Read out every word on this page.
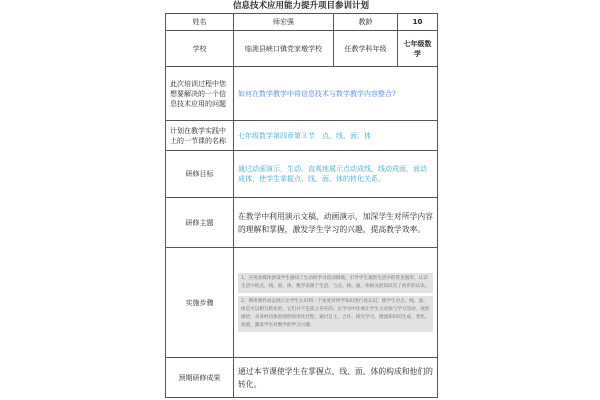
信息技术应用能力提升项目参训计划
姓名	师宏强	教龄	10
学校	临洮县峡口镇党家墩学校	任教学科年级	七年级数学
此次培训过程中您想要解决的一个信息技术应用的问题	如何在数学教学中将信息技术与数学教学内容整合?		
计划在教学实践中上的一节课的名称	七年级数学第四章第３节　点、线、面、体		
研修目标	通过动画演示，生动、直观地展示点动成线，线动成面，面动成体，使学生掌握点、线、面、体的转化关系。		
研修主题	在教学中利用演示文稿、动画演示，加深学生对所学内容的理解和掌握，激发学生学习的兴趣，提高教学效率。		
实施步骤	1、应用多媒体创设学生感知了生动的学习活动情境，引导学生观察生活中的常见图形，认识生活中的点、线、面、体，数学来源于生活，与点、线、面、体相关的知识有了初步的认识。
2、利用课件动态展示让学生认识到一个角度对所学知识进行再认识，使学生对点、线、面、体是可以相互转化的，它们并不是孤立存在的。在学习中注重让学生主动参与学习活动，观察感悟，亲身经历体验图形的变化过程，通过自主、合作、探究学习，增强知识的生成、变化、发展，激发学生对数学的学习兴趣。		

预期研修成果	通过本节课使学生在掌握点、线、面、体的构成和他们的转化。		
